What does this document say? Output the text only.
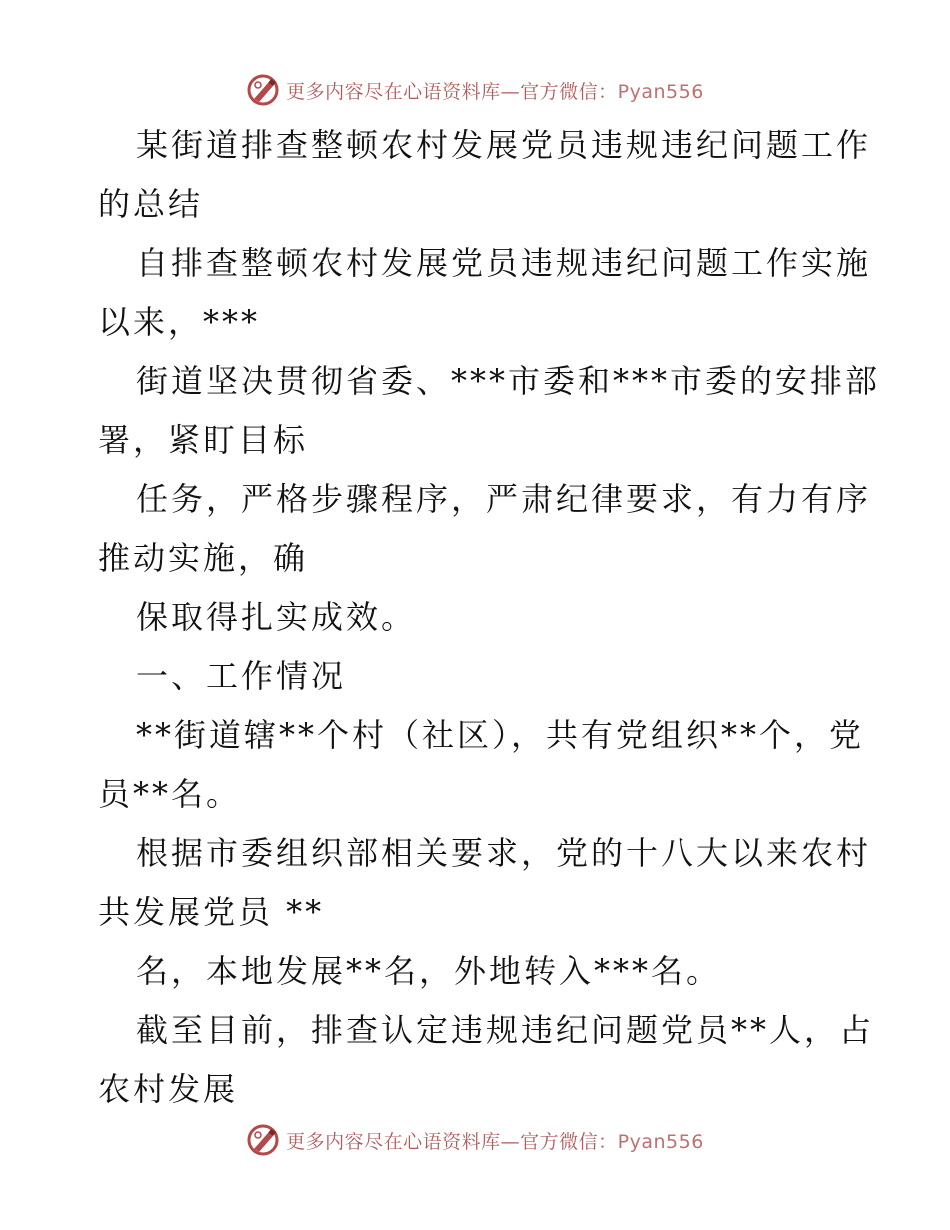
更多内容尽在心语资料库—官方微信：Pyan556
某街道排查整顿农村发展党员违规违纪问题工作
的总结
自排查整顿农村发展党员违规违纪问题工作实施
以来，***
街道坚决贯彻省委、***市委和***市委的安排部
署，紧盯目标
任务，严格步骤程序，严肃纪律要求，有力有序
推动实施，确
保取得扎实成效。
一、工作情况
**街道辖**个村（社区），共有党组织**个，党
员**名。
根据市委组织部相关要求，党的十八大以来农村
共发展党员 **
名，本地发展**名，外地转入***名。
截至目前，排查认定违规违纪问题党员**人，占
农村发展
更多内容尽在心语资料库—官方微信：Pyan556
